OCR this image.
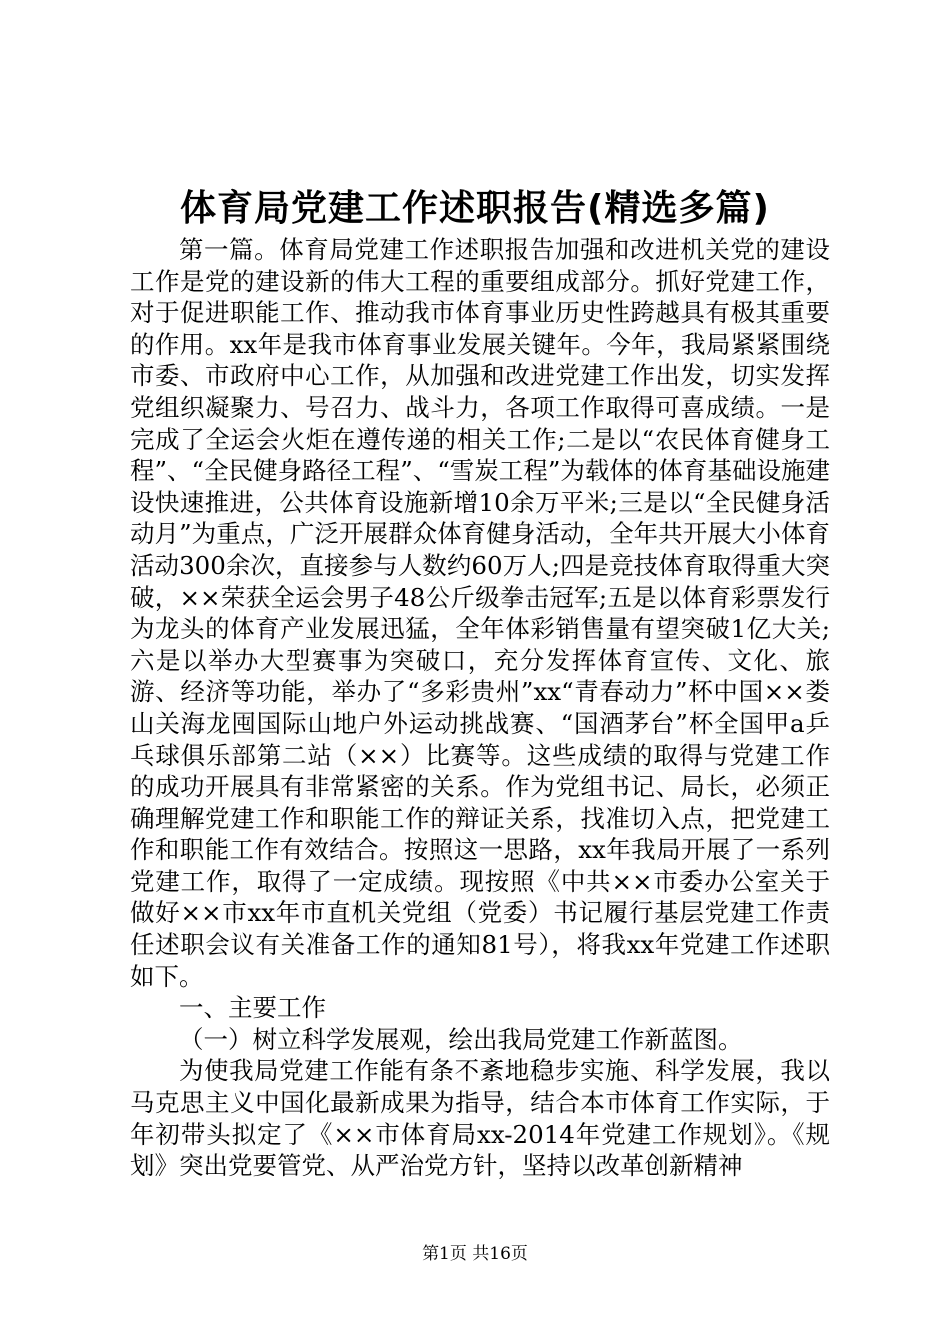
体育局党建工作述职报告(精选多篇)

第一篇。体育局党建工作述职报告加强和改进机关党的建设工作是党的建设新的伟大工程的重要组成部分。抓好党建工作，对于促进职能工作、推动我市体育事业历史性跨越具有极其重要的作用。xx年是我市体育事业发展关键年。今年，我局紧紧围绕市委、市政府中心工作，从加强和改进党建工作出发，切实发挥党组织凝聚力、号召力、战斗力，各项工作取得可喜成绩。一是完成了全运会火炬在遵传递的相关工作;二是以“农民体育健身工程”、“全民健身路径工程”、“雪炭工程”为载体的体育基础设施建设快速推进，公共体育设施新增10余万平米;三是以“全民健身活动月”为重点，广泛开展群众体育健身活动，全年共开展大小体育活动300余次，直接参与人数约60万人;四是竞技体育取得重大突破，××荣获全运会男子48公斤级拳击冠军;五是以体育彩票发行为龙头的体育产业发展迅猛，全年体彩销售量有望突破1亿大关;六是以举办大型赛事为突破口，充分发挥体育宣传、文化、旅游、经济等功能，举办了“多彩贵州”xx“青春动力”杯中国××娄山关海龙囤国际山地户外运动挑战赛、“国酒茅台”杯全国甲a乒乓球俱乐部第二站（××）比赛等。这些成绩的取得与党建工作的成功开展具有非常紧密的关系。作为党组书记、局长，必须正确理解党建工作和职能工作的辩证关系，找准切入点，把党建工作和职能工作有效结合。按照这一思路，xx年我局开展了一系列党建工作，取得了一定成绩。现按照《中共××市委办公室关于做好××市xx年市直机关党组（党委）书记履行基层党建工作责任述职会议有关准备工作的通知81号），将我xx年党建工作述职如下。

一、主要工作

（一）树立科学发展观，绘出我局党建工作新蓝图。

为使我局党建工作能有条不紊地稳步实施、科学发展，我以马克思主义中国化最新成果为指导，结合本市体育工作实际，于年初带头拟定了《××市体育局xx-2014年党建工作规划》。《规划》突出党要管党、从严治党方针，坚持以改革创新精神

第1页 共16页
